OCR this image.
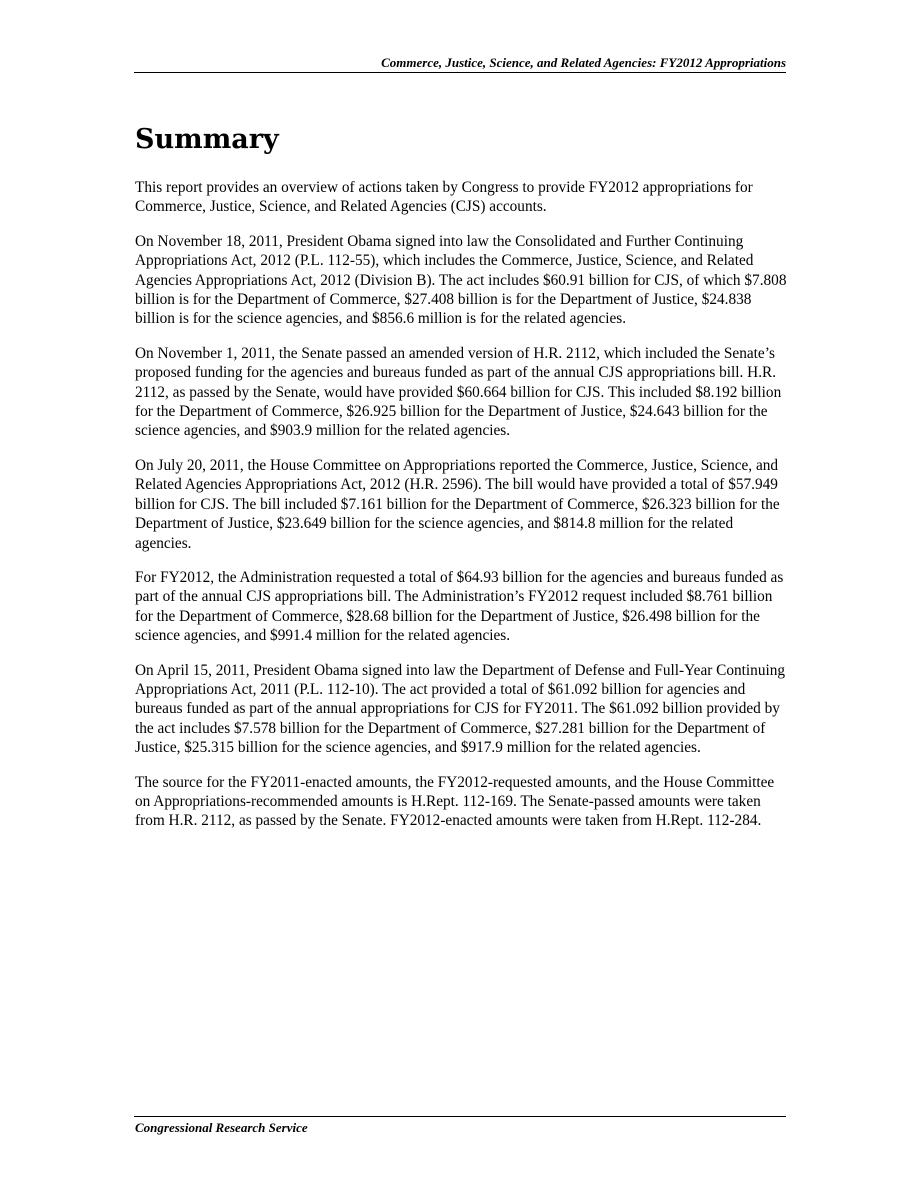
Commerce, Justice, Science, and Related Agencies: FY2012 Appropriations
Summary

This report provides an overview of actions taken by Congress to provide FY2012 appropriations for Commerce, Justice, Science, and Related Agencies (CJS) accounts.

On November 18, 2011, President Obama signed into law the Consolidated and Further Continuing Appropriations Act, 2012 (P.L. 112-55), which includes the Commerce, Justice, Science, and Related Agencies Appropriations Act, 2012 (Division B). The act includes $60.91 billion for CJS, of which $7.808 billion is for the Department of Commerce, $27.408 billion is for the Department of Justice, $24.838 billion is for the science agencies, and $856.6 million is for the related agencies.

On November 1, 2011, the Senate passed an amended version of H.R. 2112, which included the Senate’s proposed funding for the agencies and bureaus funded as part of the annual CJS appropriations bill. H.R. 2112, as passed by the Senate, would have provided $60.664 billion for CJS. This included $8.192 billion for the Department of Commerce, $26.925 billion for the Department of Justice, $24.643 billion for the science agencies, and $903.9 million for the related agencies.

On July 20, 2011, the House Committee on Appropriations reported the Commerce, Justice, Science, and Related Agencies Appropriations Act, 2012 (H.R. 2596). The bill would have provided a total of $57.949 billion for CJS. The bill included $7.161 billion for the Department of Commerce, $26.323 billion for the Department of Justice, $23.649 billion for the science agencies, and $814.8 million for the related agencies.

For FY2012, the Administration requested a total of $64.93 billion for the agencies and bureaus funded as part of the annual CJS appropriations bill. The Administration’s FY2012 request included $8.761 billion for the Department of Commerce, $28.68 billion for the Department of Justice, $26.498 billion for the science agencies, and $991.4 million for the related agencies.

On April 15, 2011, President Obama signed into law the Department of Defense and Full-Year Continuing Appropriations Act, 2011 (P.L. 112-10). The act provided a total of $61.092 billion for agencies and bureaus funded as part of the annual appropriations for CJS for FY2011. The $61.092 billion provided by the act includes $7.578 billion for the Department of Commerce, $27.281 billion for the Department of Justice, $25.315 billion for the science agencies, and $917.9 million for the related agencies.

The source for the FY2011-enacted amounts, the FY2012-requested amounts, and the House Committee on Appropriations-recommended amounts is H.Rept. 112-169. The Senate-passed amounts were taken from H.R. 2112, as passed by the Senate. FY2012-enacted amounts were taken from H.Rept. 112-284.

Congressional Research Service
